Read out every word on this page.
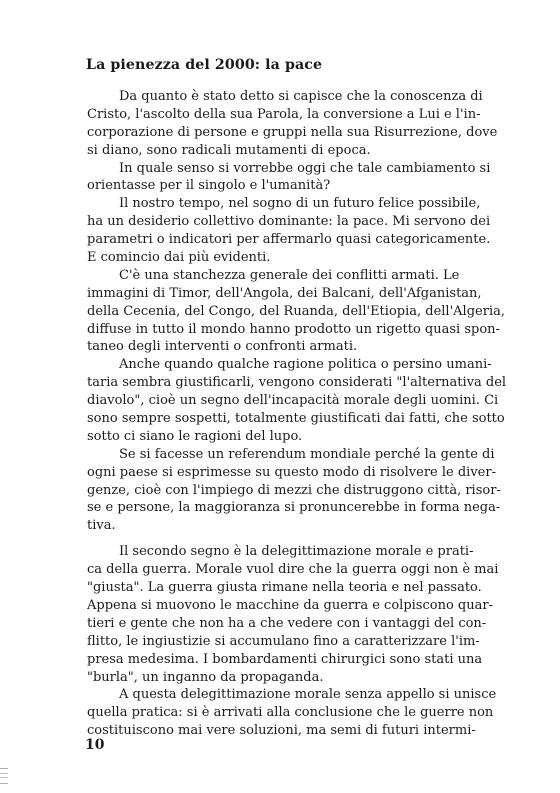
La pienezza del 2000: la pace
Da quanto è stato detto si capisce che la conoscenza di
Cristo, l'ascolto della sua Parola, la conversione a Lui e l'in-
corporazione di persone e gruppi nella sua Risurrezione, dove
si diano, sono radicali mutamenti di epoca.
In quale senso si vorrebbe oggi che tale cambiamento si
orientasse per il singolo e l'umanità?
Il nostro tempo, nel sogno di un futuro felice possibile,
ha un desiderio collettivo dominante: la pace. Mi servono dei
parametri o indicatori per affermarlo quasi categoricamente.
E comincio dai più evidenti.
C'è una stanchezza generale dei conflitti armati. Le
immagini di Timor, dell'Angola, dei Balcani, dell'Afganistan,
della Cecenia, del Congo, del Ruanda, dell'Etiopia, dell'Algeria,
diffuse in tutto il mondo hanno prodotto un rigetto quasi spon-
taneo degli interventi o confronti armati.
Anche quando qualche ragione politica o persino umani-
taria sembra giustificarli, vengono considerati "l'alternativa del
diavolo", cioè un segno dell'incapacità morale degli uomini. Ci
sono sempre sospetti, totalmente giustificati dai fatti, che sotto
sotto ci siano le ragioni del lupo.
Se si facesse un referendum mondiale perché la gente di
ogni paese si esprimesse su questo modo di risolvere le diver-
genze, cioè con l'impiego di mezzi che distruggono città, risor-
se e persone, la maggioranza si pronuncerebbe in forma nega-
tiva.
Il secondo segno è la delegittimazione morale e prati-
ca della guerra. Morale vuol dire che la guerra oggi non è mai
"giusta". La guerra giusta rimane nella teoria e nel passato.
Appena si muovono le macchine da guerra e colpiscono quar-
tieri e gente che non ha a che vedere con i vantaggi del con-
flitto, le ingiustizie si accumulano fino a caratterizzare l'im-
presa medesima. I bombardamenti chirurgici sono stati una
"burla", un inganno da propaganda.
A questa delegittimazione morale senza appello si unisce
quella pratica: si è arrivati alla conclusione che le guerre non
costituiscono mai vere soluzioni, ma semi di futuri intermi-
10
